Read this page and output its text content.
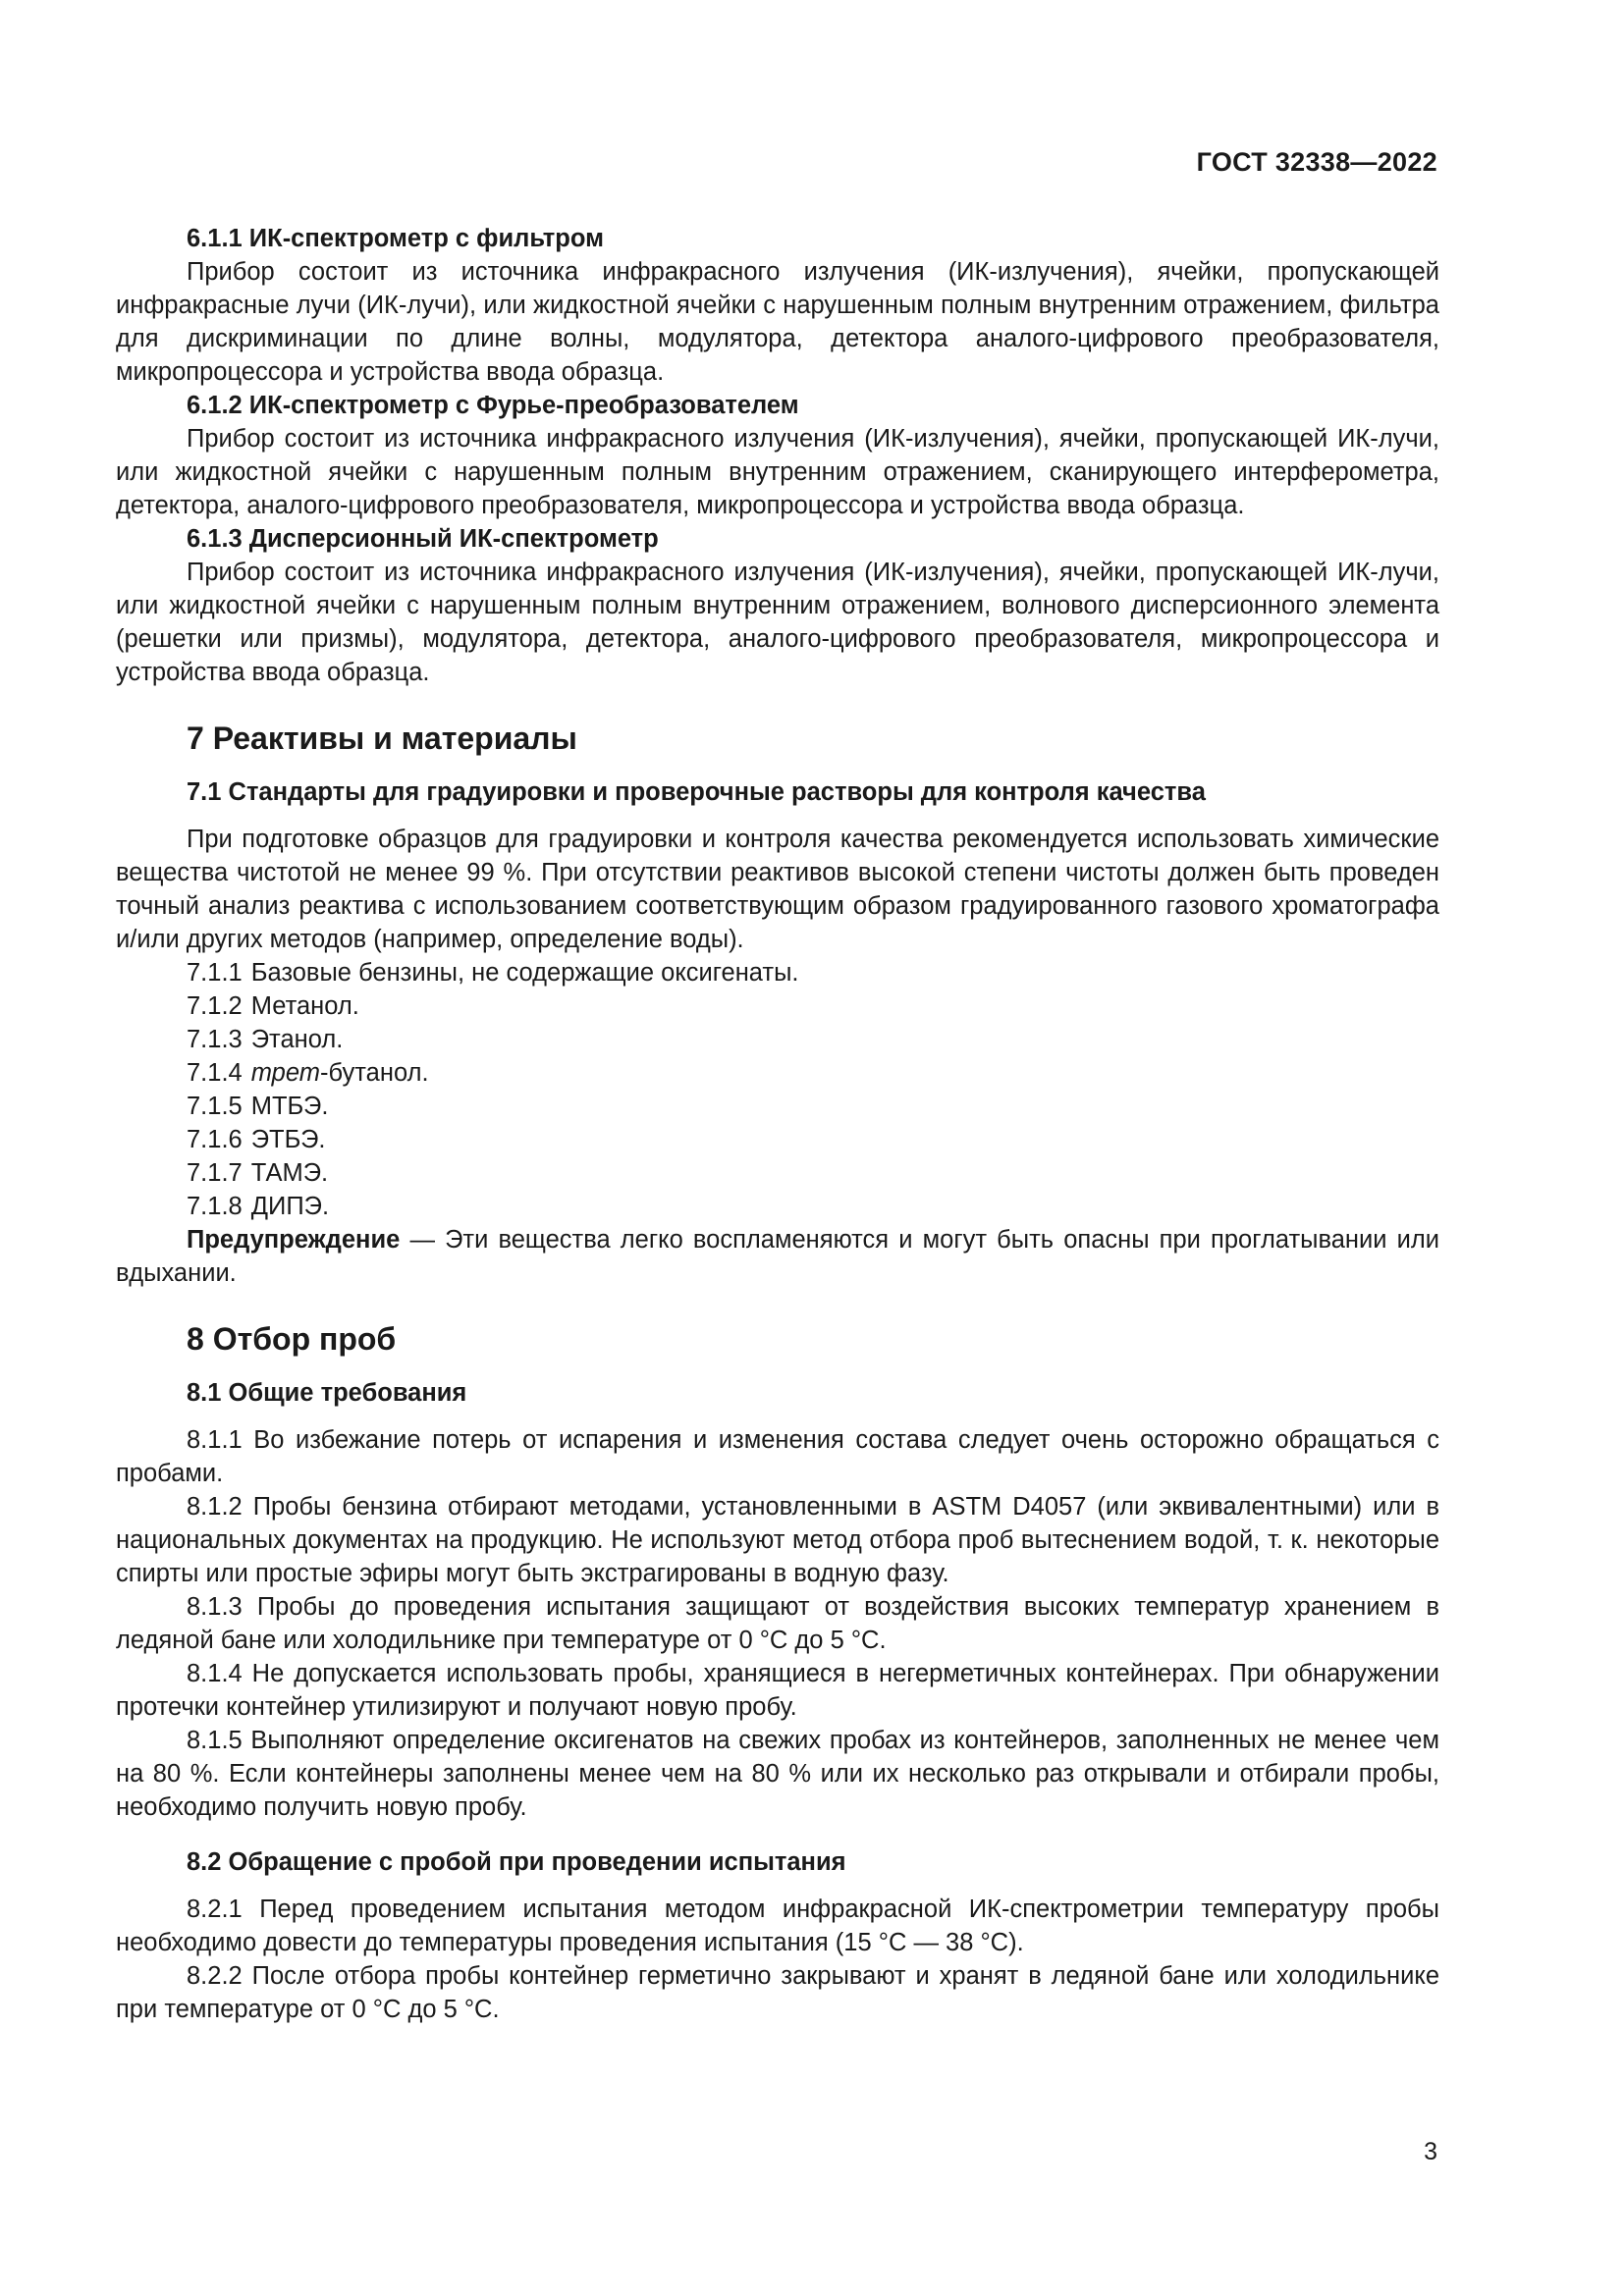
ГОСТ 32338—2022

6.1.1 ИК-спектрометр с фильтром

Прибор состоит из источника инфракрасного излучения (ИК-излучения), ячейки, пропускающей инфракрасные лучи (ИК-лучи), или жидкостной ячейки с нарушенным полным внутренним отражением, фильтра для дискриминации по длине волны, модулятора, детектора аналого-цифрового преобразователя, микропроцессора и устройства ввода образца.

6.1.2 ИК-спектрометр с Фурье-преобразователем

Прибор состоит из источника инфракрасного излучения (ИК-излучения), ячейки, пропускающей ИК-лучи, или жидкостной ячейки с нарушенным полным внутренним отражением, сканирующего интерферометра, детектора, аналого-цифрового преобразователя, микропроцессора и устройства ввода образца.

6.1.3 Дисперсионный ИК-спектрометр

Прибор состоит из источника инфракрасного излучения (ИК-излучения), ячейки, пропускающей ИК-лучи, или жидкостной ячейки с нарушенным полным внутренним отражением, волнового дисперсионного элемента (решетки или призмы), модулятора, детектора, аналого-цифрового преобразователя, микропроцессора и устройства ввода образца.

7 Реактивы и материалы

7.1 Стандарты для градуировки и проверочные растворы для контроля качества

При подготовке образцов для градуировки и контроля качества рекомендуется использовать химические вещества чистотой не менее 99 %. При отсутствии реактивов высокой степени чистоты должен быть проведен точный анализ реактива с использованием соответствующим образом градуированного газового хроматографа и/или других методов (например, определение воды).

7.1.1 Базовые бензины, не содержащие оксигенаты.

7.1.2 Метанол.

7.1.3 Этанол.

7.1.4 трет-бутанол.

7.1.5 МТБЭ.

7.1.6 ЭТБЭ.

7.1.7 ТАМЭ.

7.1.8 ДИПЭ.

Предупреждение — Эти вещества легко воспламеняются и могут быть опасны при проглатывании или вдыхании.

8 Отбор проб

8.1 Общие требования

8.1.1 Во избежание потерь от испарения и изменения состава следует очень осторожно обращаться с пробами.

8.1.2 Пробы бензина отбирают методами, установленными в ASTM D4057 (или эквивалентными) или в национальных документах на продукцию. Не используют метод отбора проб вытеснением водой, т. к. некоторые спирты или простые эфиры могут быть экстрагированы в водную фазу.

8.1.3 Пробы до проведения испытания защищают от воздействия высоких температур хранением в ледяной бане или холодильнике при температуре от 0 °С до 5 °С.

8.1.4 Не допускается использовать пробы, хранящиеся в негерметичных контейнерах. При обнаружении протечки контейнер утилизируют и получают новую пробу.

8.1.5 Выполняют определение оксигенатов на свежих пробах из контейнеров, заполненных не менее чем на 80 %. Если контейнеры заполнены менее чем на 80 % или их несколько раз открывали и отбирали пробы, необходимо получить новую пробу.

8.2 Обращение с пробой при проведении испытания

8.2.1 Перед проведением испытания методом инфракрасной ИК-спектрометрии температуру пробы необходимо довести до температуры проведения испытания (15 °С — 38 °С).

8.2.2 После отбора пробы контейнер герметично закрывают и хранят в ледяной бане или холодильнике при температуре от 0 °С до 5 °С.

3
